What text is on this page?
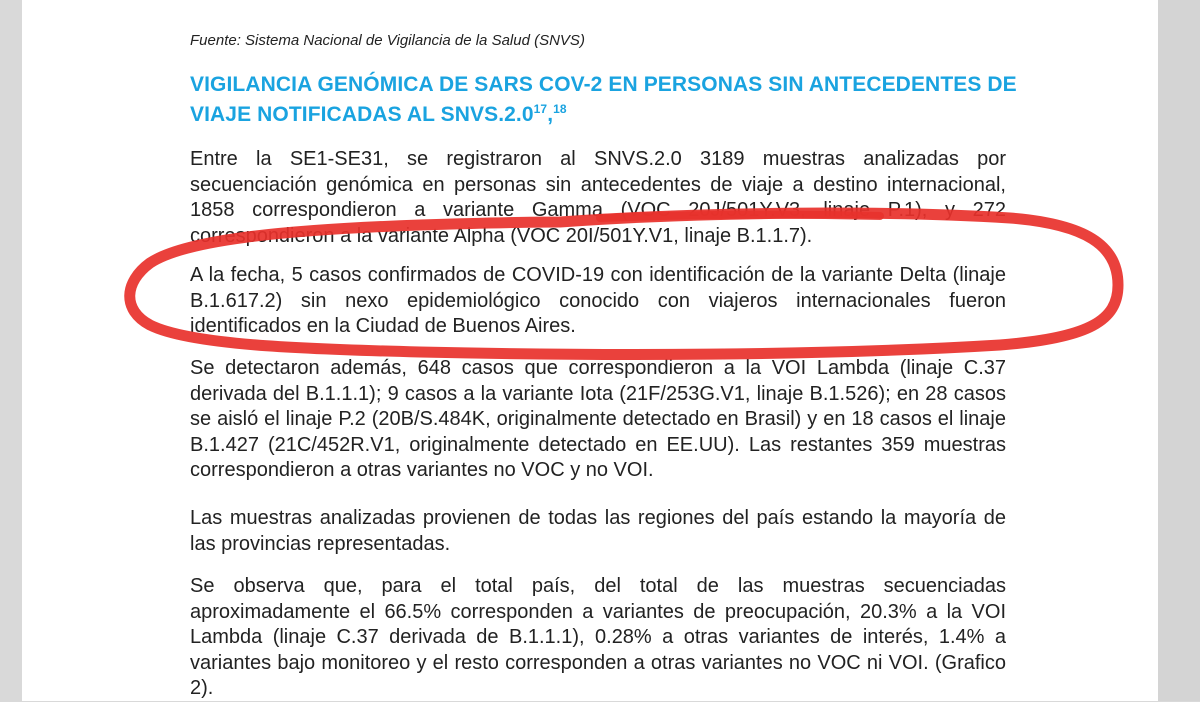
Fuente: Sistema Nacional de Vigilancia de la Salud (SNVS)
VIGILANCIA GENÓMICA DE SARS COV-2 EN PERSONAS SIN ANTECEDENTES DE VIAJE NOTIFICADAS AL SNVS.2.0$^{17}$,$^{18}$
Entre la SE1-SE31, se registraron al SNVS.2.0 3189 muestras analizadas por secuenciación genómica en personas sin antecedentes de viaje a destino internacional, 1858 correspondieron a variante Gamma (VOC 20J/501Y.V3, linaje P.1), y 272 correspondieron a la variante Alpha (VOC 20I/501Y.V1, linaje B.1.1.7).
A la fecha, 5 casos confirmados de COVID-19 con identificación de la variante Delta (linaje B.1.617.2) sin nexo epidemiológico conocido con viajeros internacionales fueron identificados en la Ciudad de Buenos Aires.
Se detectaron además, 648 casos que correspondieron a la VOI Lambda (linaje C.37 derivada del B.1.1.1); 9 casos a la variante Iota (21F/253G.V1, linaje B.1.526); en 28 casos se aisló el linaje P.2 (20B/S.484K, originalmente detectado en Brasil) y en 18 casos el linaje B.1.427 (21C/452R.V1, originalmente detectado en EE.UU). Las restantes 359 muestras correspondieron a otras variantes no VOC y no VOI.
Las muestras analizadas provienen de todas las regiones del país estando la mayoría de las provincias representadas.
Se observa que, para el total país, del total de las muestras secuenciadas aproximadamente el 66.5% corresponden a variantes de preocupación, 20.3% a la VOI Lambda (linaje C.37 derivada de B.1.1.1), 0.28% a otras variantes de interés, 1.4% a variantes bajo monitoreo y el resto corresponden a otras variantes no VOC ni VOI. (Grafico 2).
